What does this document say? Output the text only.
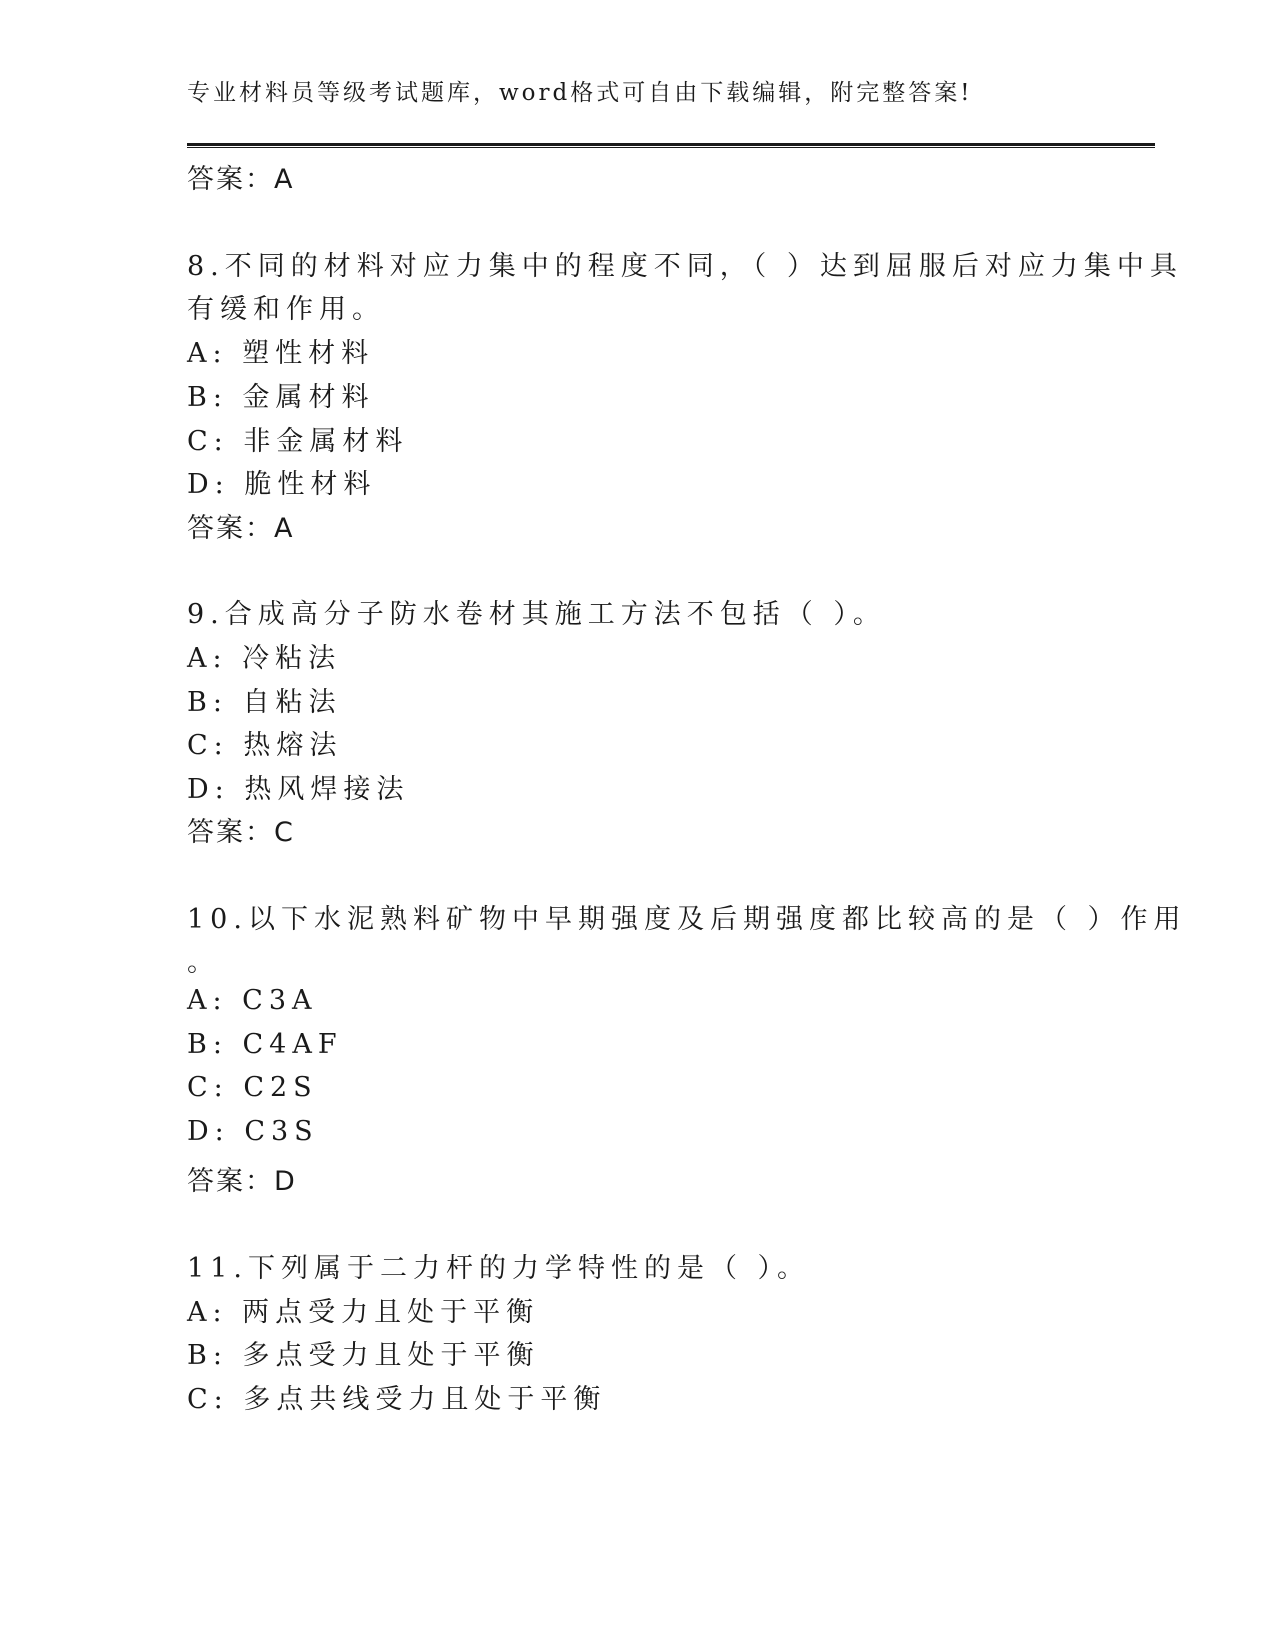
专业材料员等级考试题库，word格式可自由下载编辑，附完整答案!
答案：A
8.不同的材料对应力集中的程度不同，（ ）达到屈服后对应力集中具
有缓和作用。
A: 塑性材料
B: 金属材料
C: 非金属材料
D: 脆性材料
答案：A
9.合成高分子防水卷材其施工方法不包括（ ）。
A: 冷粘法
B: 自粘法
C: 热熔法
D: 热风焊接法
答案：C
10.以下水泥熟料矿物中早期强度及后期强度都比较高的是（ ）作用
。
A: C3A
B: C4AF
C: C2S
D: C3S
答案：D
11.下列属于二力杆的力学特性的是（ ）。
A: 两点受力且处于平衡
B: 多点受力且处于平衡
C: 多点共线受力且处于平衡
